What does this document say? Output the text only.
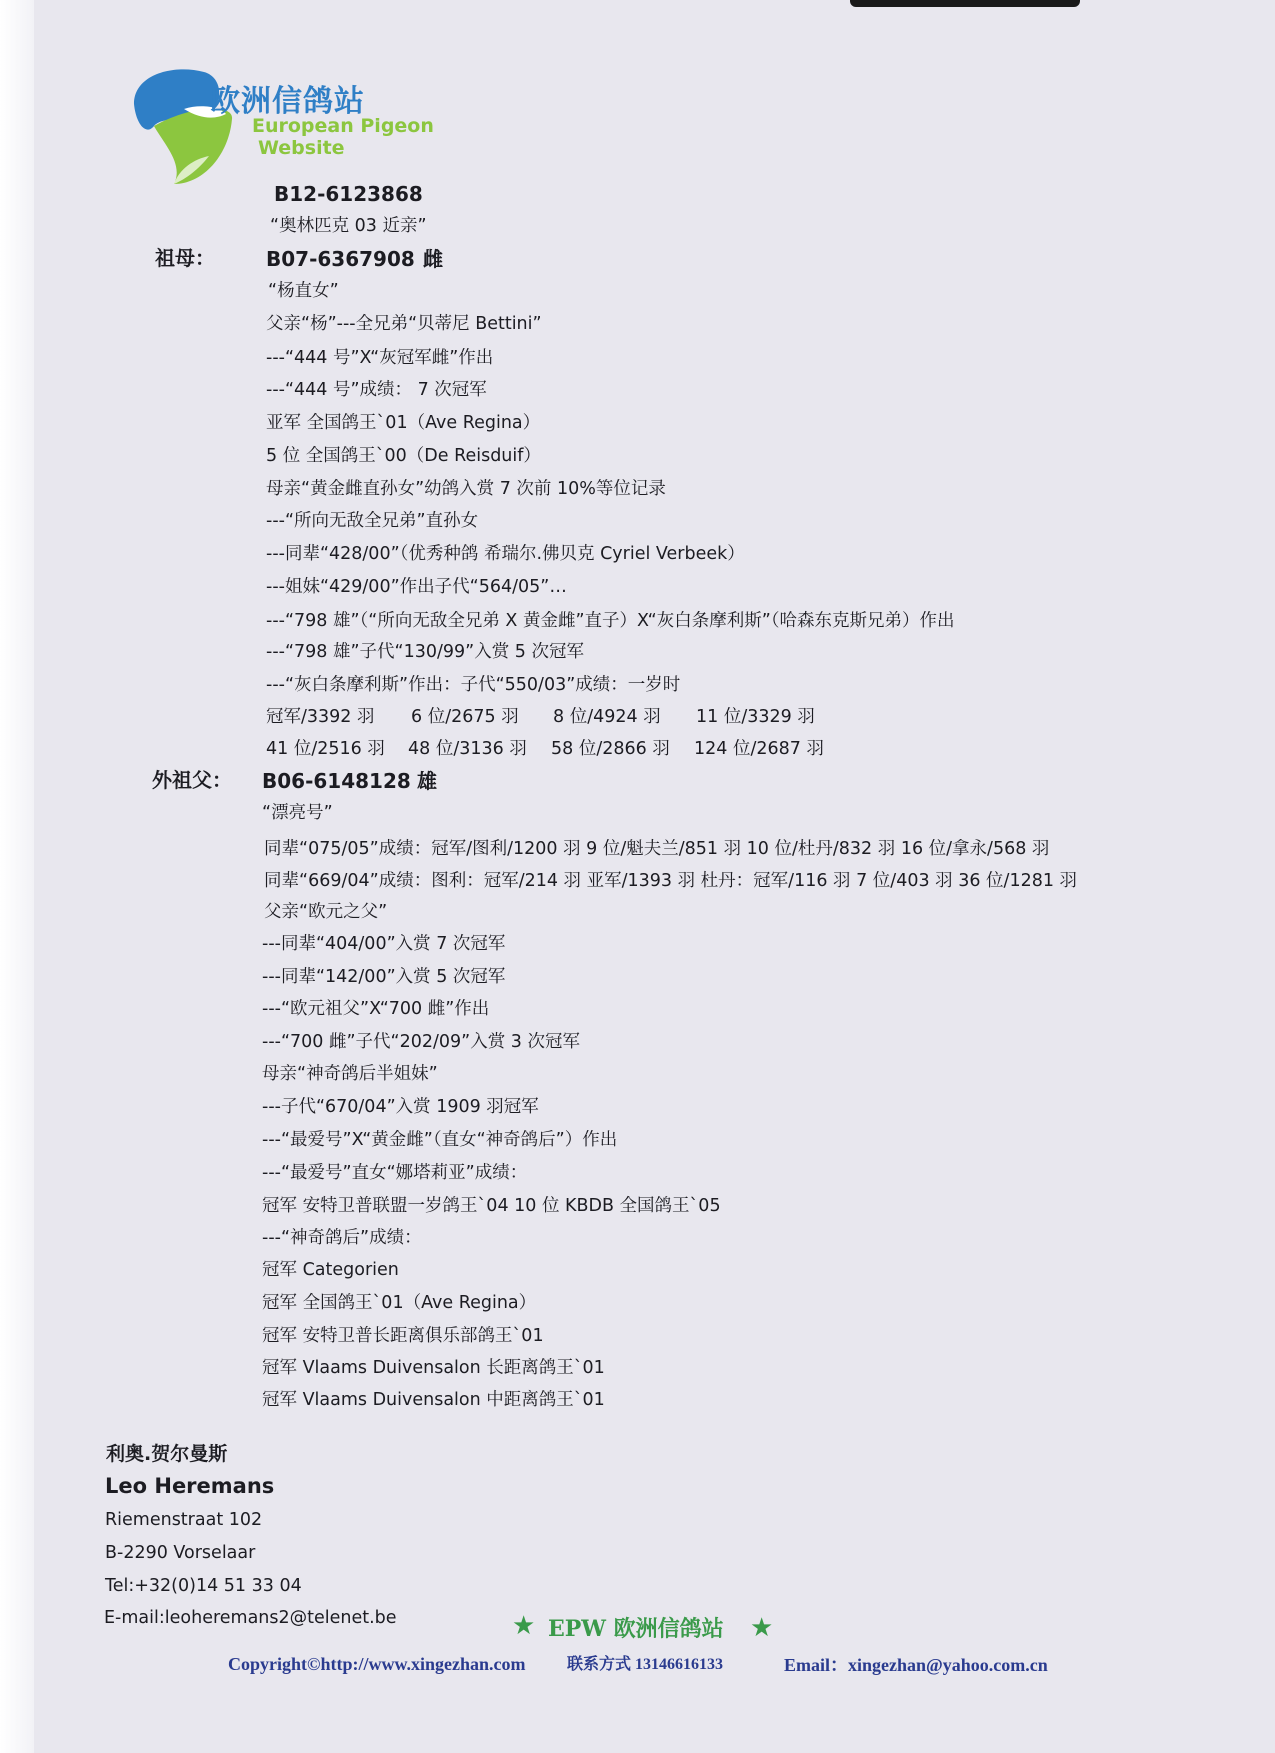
欧洲信鸽站
European Pigeon
Website
B12-6123868
“奥林匹克 03 近亲”
祖母：	B07-6367908 雌
“杨直女”
父亲“杨”---全兄弟“贝蒂尼 Bettini”
---“444 号”X“灰冠军雌”作出
---“444 号”成绩： 7 次冠军
亚军 全国鸽王`01（Ave Regina）
5 位 全国鸽王`00（De Reisduif）
母亲“黄金雌直孙女”幼鸽入赏 7 次前 10%等位记录
---“所向无敌全兄弟”直孙女
---同辈“428/00”（优秀种鸽 希瑞尔.佛贝克 Cyriel Verbeek）
---姐妹“429/00”作出子代“564/05”…
---“798 雄”（“所向无敌全兄弟 X 黄金雌”直子）X“灰白条摩利斯”（哈森东克斯兄弟）作出
---“798 雄”子代“130/99”入赏 5 次冠军
---“灰白条摩利斯”作出：子代“550/03”成绩：一岁时
冠军/3392 羽 6 位/2675 羽 8 位/4924 羽 11 位/3329 羽
41 位/2516 羽 48 位/3136 羽 58 位/2866 羽 124 位/2687 羽
外祖父： B06-6148128 雄
“漂亮号”
同辈“075/05”成绩：冠军/图利/1200 羽 9 位/魁夫兰/851 羽 10 位/杜丹/832 羽 16 位/拿永/568 羽
同辈“669/04”成绩：图利：冠军/214 羽 亚军/1393 羽 杜丹：冠军/116 羽 7 位/403 羽 36 位/1281 羽
父亲“欧元之父”
---同辈“404/00”入赏 7 次冠军
---同辈“142/00”入赏 5 次冠军
---“欧元祖父”X“700 雌”作出
---“700 雌”子代“202/09”入赏 3 次冠军
母亲“神奇鸽后半姐妹”
---子代“670/04”入赏 1909 羽冠军
---“最爱号”X“黄金雌”（直女“神奇鸽后”）作出
---“最爱号”直女“娜塔莉亚”成绩：
冠军 安特卫普联盟一岁鸽王`04 10 位 KBDB 全国鸽王`05
---“神奇鸽后”成绩：
冠军 Categorien
冠军 全国鸽王`01（Ave Regina）
冠军 安特卫普长距离俱乐部鸽王`01
冠军 Vlaams Duivensalon 长距离鸽王`01
冠军 Vlaams Duivensalon 中距离鸽王`01
利奥.贺尔曼斯
Leo Heremans
Riemenstraat 102
B-2290 Vorselaar
Tel:+32(0)14 51 33 04
E-mail:leoheremans2@telenet.be	★ EPW 欧洲信鸽站 ★
Copyright©http://www.xingezhan.com	联系方式 13146616133	Email：xingezhan@yahoo.com.cn
